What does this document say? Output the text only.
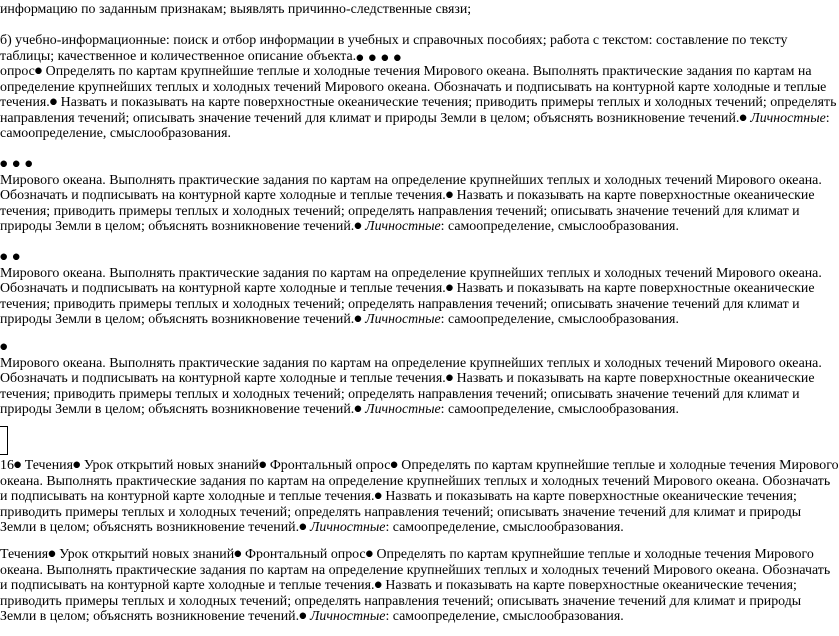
информацию по заданным признакам; выявлять причинно-следственные связи;
б) учебно-информационные: поиск и отбор информации в учебных и справочных пособиях; работа с текстом: составление по тексту
таблицы; качественное и количественное описание объекта.● ● ● ●
опрос● Определять по картам крупнейшие теплые и холодные течения Мирового океана. Выполнять практические задания по картам на
определение крупнейших теплых и холодных течений Мирового океана. Обозначать и подписывать на контурной карте холодные и теплые
течения.● Назвать и показывать на карте поверхностные океанические течения; приводить примеры теплых и холодных течений; определять
направления течений; описывать значение течений для климат и природы Земли в целом; объяснять возникновение течений.● Личностные:
самоопределение, смыслообразования.
● ● ●
Мирового океана. Выполнять практические задания по картам на определение крупнейших теплых и холодных течений Мирового океана.
Обозначать и подписывать на контурной карте холодные и теплые течения.● Назвать и показывать на карте поверхностные океанические
течения; приводить примеры теплых и холодных течений; определять направления течений; описывать значение течений для климат и
природы Земли в целом; объяснять возникновение течений.● Личностные: самоопределение, смыслообразования.
● ●
Мирового океана. Выполнять практические задания по картам на определение крупнейших теплых и холодных течений Мирового океана.
Обозначать и подписывать на контурной карте холодные и теплые течения.● Назвать и показывать на карте поверхностные океанические
течения; приводить примеры теплых и холодных течений; определять направления течений; описывать значение течений для климат и
природы Земли в целом; объяснять возникновение течений.● Личностные: самоопределение, смыслообразования.
●
Мирового океана. Выполнять практические задания по картам на определение крупнейших теплых и холодных течений Мирового океана.
Обозначать и подписывать на контурной карте холодные и теплые течения.● Назвать и показывать на карте поверхностные океанические
течения; приводить примеры теплых и холодных течений; определять направления течений; описывать значение течений для климат и
природы Земли в целом; объяснять возникновение течений.● Личностные: самоопределение, смыслообразования.
16● Течения● Урок открытий новых знаний● Фронтальный опрос● Определять по картам крупнейшие теплые и холодные течения Мирового
океана. Выполнять практические задания по картам на определение крупнейших теплых и холодных течений Мирового океана. Обозначать
и подписывать на контурной карте холодные и теплые течения.● Назвать и показывать на карте поверхностные океанические течения;
приводить примеры теплых и холодных течений; определять направления течений; описывать значение течений для климат и природы
Земли в целом; объяснять возникновение течений.● Личностные: самоопределение, смыслообразования.
Течения● Урок открытий новых знаний● Фронтальный опрос● Определять по картам крупнейшие теплые и холодные течения Мирового
океана. Выполнять практические задания по картам на определение крупнейших теплых и холодных течений Мирового океана. Обозначать
и подписывать на контурной карте холодные и теплые течения.● Назвать и показывать на карте поверхностные океанические течения;
приводить примеры теплых и холодных течений; определять направления течений; описывать значение течений для климат и природы
Земли в целом; объяснять возникновение течений.● Личностные: самоопределение, смыслообразования.
